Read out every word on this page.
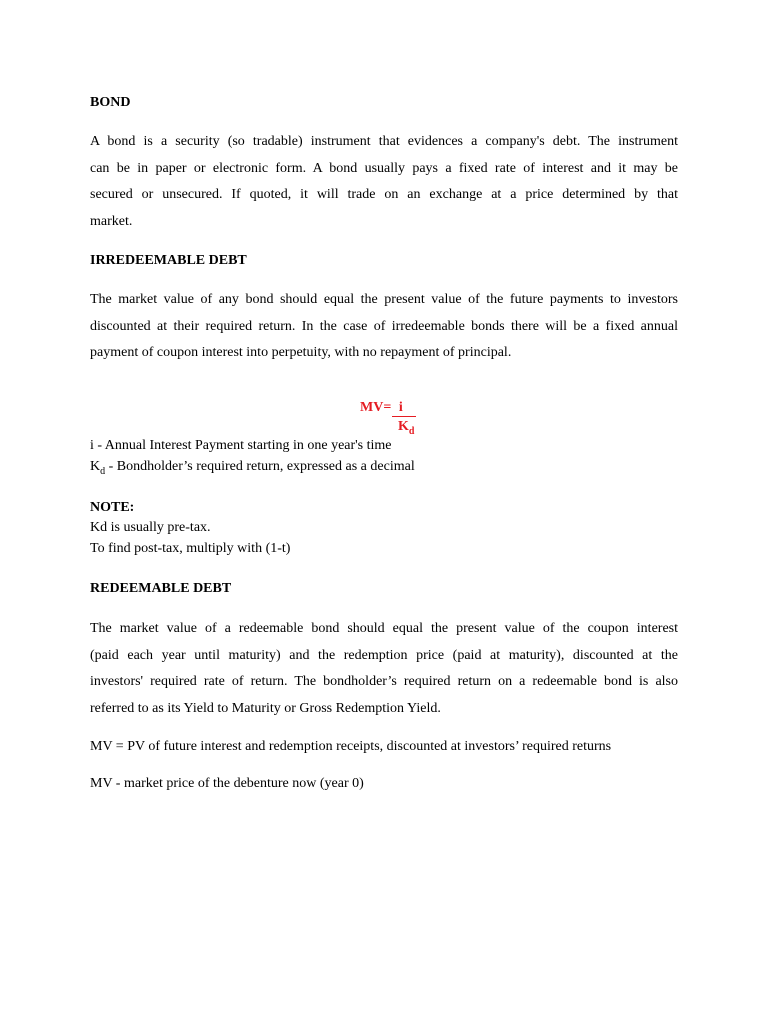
BOND

A bond is a security (so tradable) instrument that evidences a company's debt. The instrument

can be in paper or electronic form. A bond usually pays a fixed rate of interest and it may be

secured or unsecured. If quoted, it will trade on an exchange at a price determined by that

market.

IRREDEEMABLE DEBT

The market value of any bond should equal the present value of the future payments to investors

discounted at their required return. In the case of irredeemable bonds there will be a fixed annual

payment of coupon interest into perpetuity, with no repayment of principal.

MV= i
$K_d$

i - Annual Interest Payment starting in one year's time

$K_d$ - Bondholder’s required return, expressed as a decimal

NOTE:

Kd is usually pre-tax.

To find post-tax, multiply with (1-t)

REDEEMABLE DEBT

The market value of a redeemable bond should equal the present value of the coupon interest

(paid each year until maturity) and the redemption price (paid at maturity), discounted at the

investors' required rate of return. The bondholder’s required return on a redeemable bond is also

referred to as its Yield to Maturity or Gross Redemption Yield.

MV = PV of future interest and redemption receipts, discounted at investors’ required returns

MV - market price of the debenture now (year 0)
